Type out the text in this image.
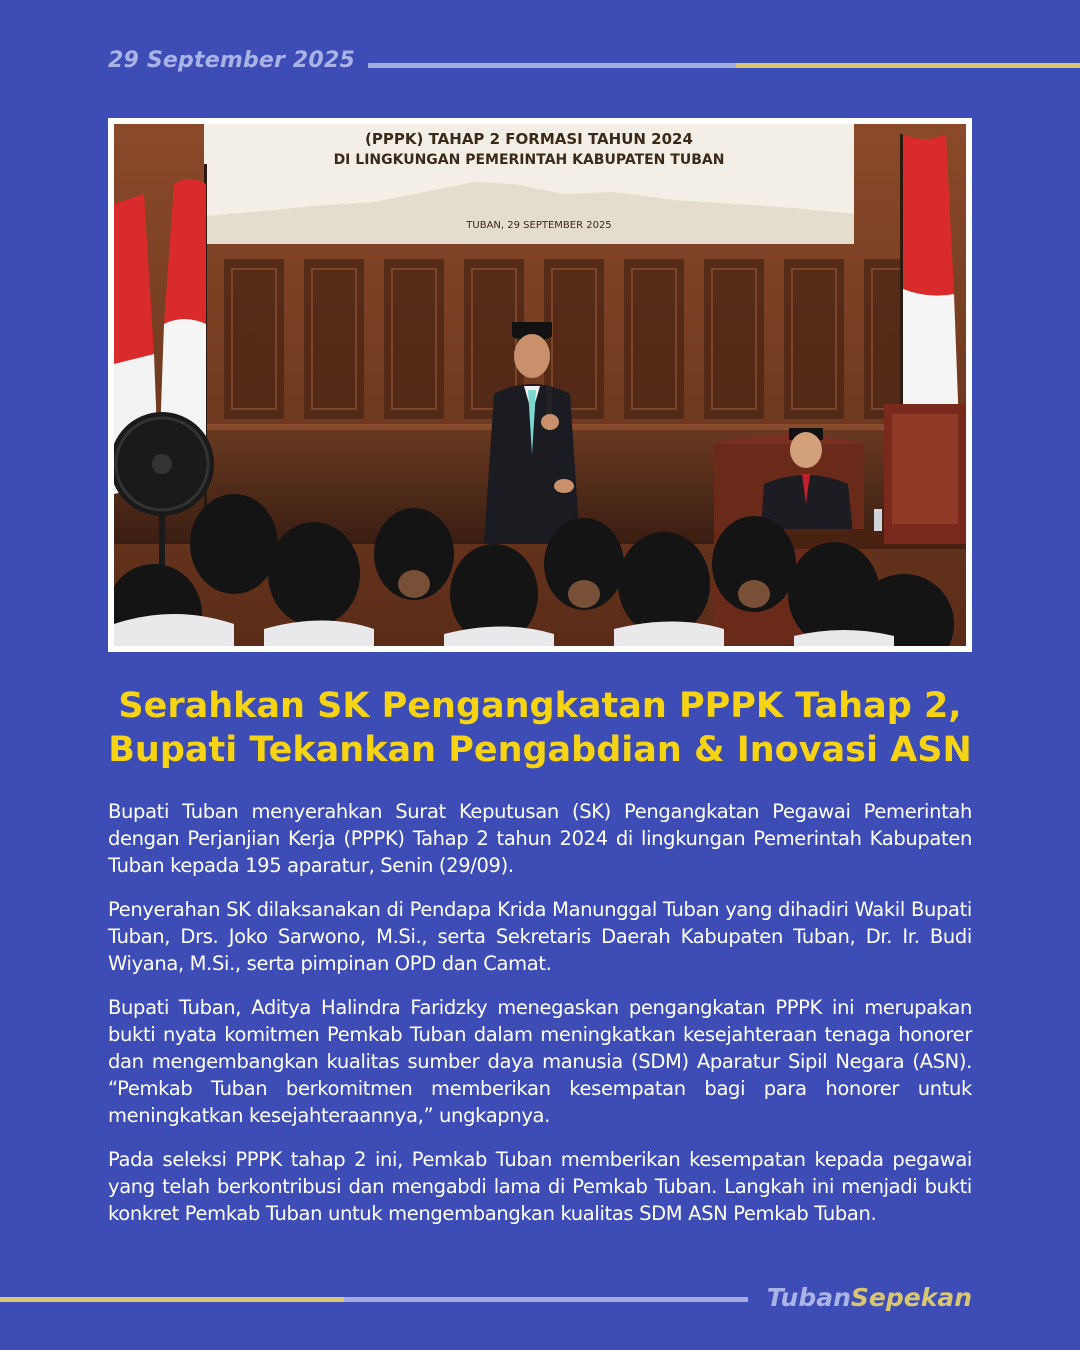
29 September 2025
(PPPK) TAHAP 2 FORMASI TAHUN 2024
DI LINGKUNGAN PEMERINTAH KABUPATEN TUBAN
TUBAN, 29 SEPTEMBER 2025
Serahkan SK Pengangkatan PPPK Tahap 2,
Bupati Tekankan Pengabdian & Inovasi ASN

Bupati Tuban menyerahkan Surat Keputusan (SK) Pengangkatan Pegawai Pemerintah dengan Perjanjian Kerja (PPPK) Tahap 2 tahun 2024 di lingkungan Pemerintah Kabupaten Tuban kepada 195 aparatur, Senin (29/09).

Penyerahan SK dilaksanakan di Pendapa Krida Manunggal Tuban yang dihadiri Wakil Bupati Tuban, Drs. Joko Sarwono, M.Si., serta Sekretaris Daerah Kabupaten Tuban, Dr. Ir. Budi Wiyana, M.Si., serta pimpinan OPD dan Camat.

Bupati Tuban, Aditya Halindra Faridzky menegaskan pengangkatan PPPK ini merupakan bukti nyata komitmen Pemkab Tuban dalam meningkatkan kesejahteraan tenaga honorer dan mengembangkan kualitas sumber daya manusia (SDM) Aparatur Sipil Negara (ASN). “Pemkab Tuban berkomitmen memberikan kesempatan bagi para honorer untuk meningkatkan kesejahteraannya,” ungkapnya.

Pada seleksi PPPK tahap 2 ini, Pemkab Tuban memberikan kesempatan kepada pegawai yang telah berkontribusi dan mengabdi lama di Pemkab Tuban. Langkah ini menjadi bukti konkret Pemkab Tuban untuk mengembangkan kualitas SDM ASN Pemkab Tuban.

TubanSepekan
